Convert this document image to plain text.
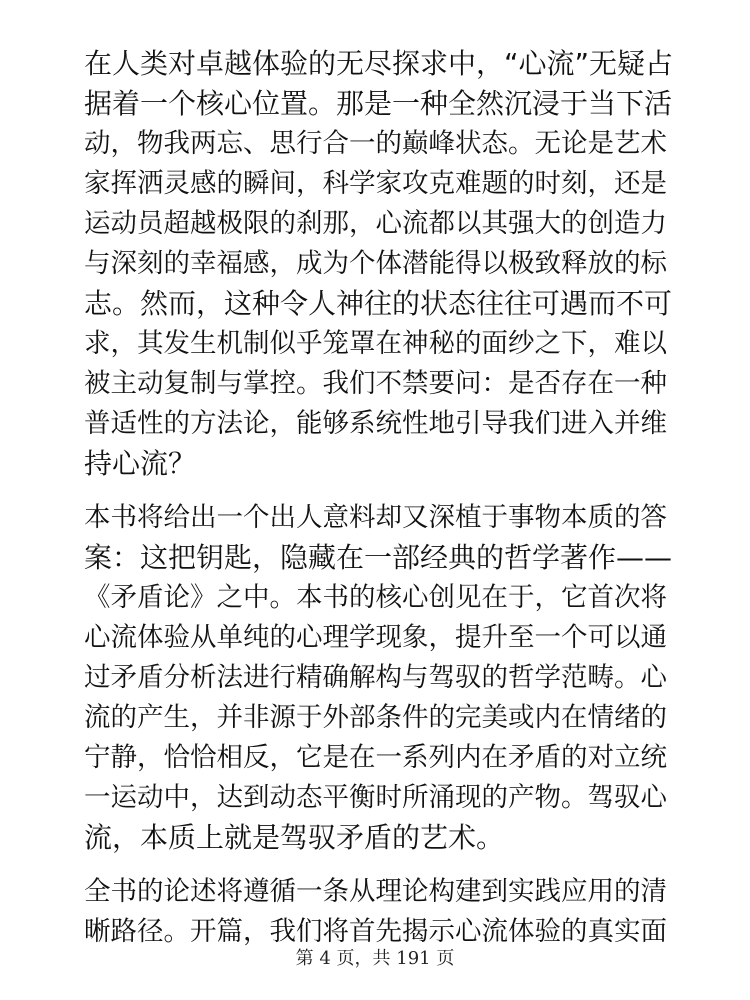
在人类对卓越体验的无尽探求中，“心流”无疑占
据着一个核心位置。那是一种全然沉浸于当下活
动，物我两忘、思行合一的巅峰状态。无论是艺术
家挥洒灵感的瞬间，科学家攻克难题的时刻，还是
运动员超越极限的刹那，心流都以其强大的创造力
与深刻的幸福感，成为个体潜能得以极致释放的标
志。然而，这种令人神往的状态往往可遇而不可
求，其发生机制似乎笼罩在神秘的面纱之下，难以
被主动复制与掌控。我们不禁要问：是否存在一种
普适性的方法论，能够系统性地引导我们进入并维
持心流？
本书将给出一个出人意料却又深植于事物本质的答
案：这把钥匙，隐藏在一部经典的哲学著作——
《矛盾论》之中。本书的核心创见在于，它首次将
心流体验从单纯的心理学现象，提升至一个可以通
过矛盾分析法进行精确解构与驾驭的哲学范畴。心
流的产生，并非源于外部条件的完美或内在情绪的
宁静，恰恰相反，它是在一系列内在矛盾的对立统
一运动中，达到动态平衡时所涌现的产物。驾驭心
流，本质上就是驾驭矛盾的艺术。
全书的论述将遵循一条从理论构建到实践应用的清
晰路径。开篇，我们将首先揭示心流体验的真实面
第 4 页，共 191 页
